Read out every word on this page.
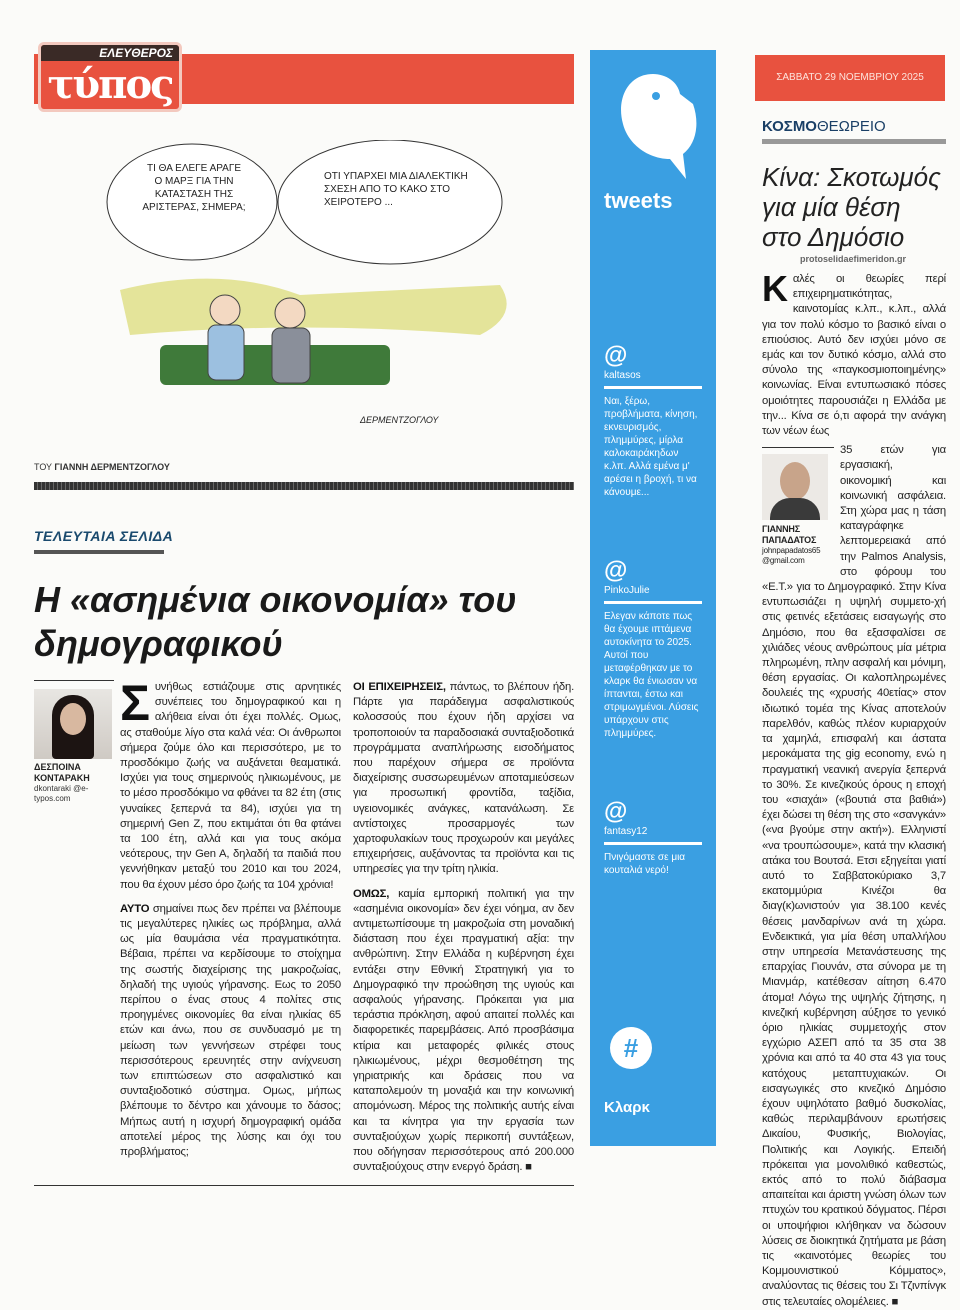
ΕΛΕΥΘΕΡΟΣ
τύπος
ΤΙ ΘΑ ΕΛΕΓΕ ΑΡΑΓΕ Ο ΜΑΡΞ ΓΙΑ ΤΗΝ ΚΑΤΑΣΤΑΣΗ ΤΗΣ ΑΡΙΣΤΕΡΑΣ, ΣΗΜΕΡΑ;
ΟΤΙ ΥΠΑΡΧΕΙ ΜΙΑ ΔΙΑΛΕΚΤΙΚΗ ΣΧΕΣΗ ΑΠΟ ΤΟ ΚΑΚΟ ΣΤΟ ΧΕΙΡΟΤΕΡΟ ...
ΔΕΡΜΕΝΤΖΟΓΛΟΥ
ΤΟΥ ΓΙΑΝΝΗ ΔΕΡΜΕΝΤΖΟΓΛΟΥ
ΤΕΛΕΥΤΑΙΑ ΣΕΛΙΔΑ
Η «ασημένια οικονομία» του δημογραφικού
ΔΕΣΠΟΙΝΑ ΚΟΝΤΑΡΑΚΗ
dkontaraki @e-typos.com

Συνήθως εστιάζουμε στις αρνητικές συνέπειες του δημογραφικού και η αλήθεια είναι ότι έχει πολλές. Ομως, ας σταθούμε λίγο στα καλά νέα: Οι άνθρωποι σήμερα ζούμε όλο και περισσότερο, με το προσδόκιμο ζωής να αυξάνεται θεαματικά. Ισχύει για τους σημερινούς ηλικιωμένους, με το μέσο προσδόκιμο να φθάνει τα 82 έτη (στις γυναίκες ξεπερνά τα 84), ισχύει για τη σημερινή Gen Z, που εκτιμάται ότι θα φτάνει τα 100 έτη, αλλά και για τους ακόμα νεότερους, την Gen A, δηλαδή τα παιδιά που γεννήθηκαν μεταξύ του 2010 και του 2024, που θα έχουν μέσο όρο ζωής τα 104 χρόνια!

ΑΥΤΟ σημαίνει πως δεν πρέπει να βλέπουμε τις μεγαλύτερες ηλικίες ως πρόβλημα, αλλά ως μία θαυμάσια νέα πραγματικότητα. Βέβαια, πρέπει να κερδίσουμε το στοίχημα της σωστής διαχείρισης της μακροζωίας, δηλαδή της υγιούς γήρανσης. Εως το 2050 περίπου ο ένας στους 4 πολίτες στις προηγμένες οικονομίες θα είναι ηλικίας 65 ετών και άνω, που σε συνδυασμό με τη μείωση των γεννήσεων στρέφει τους περισσότερους ερευνητές στην ανίχνευση των επιπτώσεων στο ασφαλιστικό και συνταξιοδοτικό σύστημα. Ομως, μήπως βλέπουμε το δέντρο και χάνουμε το δάσος; Μήπως αυτή η ισχυρή δημογραφική ομάδα αποτελεί μέρος της λύσης και όχι του προβλήματος;

ΟΙ ΕΠΙΧΕΙΡΗΣΕΙΣ, πάντως, το βλέπουν ήδη. Πάρτε για παράδειγμα ασφαλιστικούς κολοσσούς που έχουν ήδη αρχίσει να τροποποιούν τα παραδοσιακά συνταξιοδοτικά προγράμματα αναπλήρωσης εισοδήματος που παρέχουν σήμερα σε προϊόντα διαχείρισης συσσωρευμένων αποταμιεύσεων για προσωπική φροντίδα, ταξίδια, υγειονομικές ανάγκες, κατανάλωση. Σε αντίστοιχες προσαρμογές των χαρτοφυλακίων τους προχωρούν και μεγάλες επιχειρήσεις, αυξάνοντας τα προϊόντα και τις υπηρεσίες για την τρίτη ηλικία.

ΟΜΩΣ, καμία εμπορική πολιτική για την «ασημένια οικονομία» δεν έχει νόημα, αν δεν αντιμετωπίσουμε τη μακροζωία στη μοναδική διάσταση που έχει πραγματική αξία: την ανθρώπινη. Στην Ελλάδα η κυβέρνηση έχει εντάξει στην Εθνική Στρατηγική για το Δημογραφικό την προώθηση της υγιούς και ασφαλούς γήρανσης. Πρόκειται για μια τεράστια πρόκληση, αφού απαιτεί πολλές και διαφορετικές παρεμβάσεις. Από προσβάσιμα κτίρια και μεταφορές φιλικές στους ηλικιωμένους, μέχρι θεσμοθέτηση της γηριατρικής και δράσεις που να καταπολεμούν τη μοναξιά και την κοινωνική απομόνωση. Μέρος της πολιτικής αυτής είναι και τα κίνητρα για την εργασία των συνταξιούχων χωρίς περικοπή συντάξεων, που οδήγησαν περισσότερους από 200.000 συνταξιούχους στην ενεργό δράση. ■

tweets
@
kaltasos
Ναι, ξέρω, προβλήματα, κίνηση, εκνευρισμός, πλημμύρες, μίρλα καλοκαιράκηδων κ.λπ. Αλλά εμένα μ' αρέσει η βροχή, τι να κάνουμε...
@
PinkoJulie
Ελεγαν κάποτε πως θα έχουμε ιπτάμενα αυτοκίνητα το 2025. Αυτοί που μεταφέρθηκαν με το κλαρκ θα ένιωσαν να ίπτανται, έστω και στριμωγμένοι. Λύσεις υπάρχουν στις πλημμύρες.
@
fantasy12
Πνιγόμαστε σε μια κουταλιά νερό!
#
Κλαρκ
ΣΑΒΒΑΤΟ 29 ΝΟΕΜΒΡΙΟΥ 2025
ΚΟΣΜΟΘΕΩΡΕΙΟ
Κίνα: Σκοτωμός για μία θέση στο Δημόσιο
protoselidaefimeridon.gr

Καλές οι θεωρίες περί επιχειρηματικότητας, καινοτομίας κ.λπ., κ.λπ., αλλά για τον πολύ κόσμο το βασικό είναι ο επιούσιος. Αυτό δεν ισχύει μόνο σε εμάς και τον δυτικό κόσμο, αλλά στο σύνολο της «παγκοσμιοποιημένης» κοινωνίας. Είναι εντυπωσιακό πόσες ομοιότητες παρουσιάζει η Ελλάδα με την... Κίνα σε ό,τι αφορά την ανάγκη των νέων έως

ΓΙΑΝΝΗΣ ΠΑΠΑΔΑΤΟΣ
johnpapadatos65 @gmail.com
35 ετών για εργασιακή, οικονομική και κοινωνική ασφάλεια. Στη χώρα μας η τάση καταγράφηκε λεπτομερειακά από την Palmos Analysis, στο φόρουμ του «Ε.Τ.» για το Δημογραφικό. Στην Κίνα εντυπωσιάζει η υψηλή συμμετο-χή στις φετινές εξετάσεις εισαγωγής στο Δημόσιο, που θα εξασφαλίσει σε χιλιάδες νέους ανθρώπους μία μέτρια πληρωμένη, πλην ασφαλή και μόνιμη, θέση εργασίας. Οι καλοπληρωμένες δουλειές της «χρυσής 40ετίας» στον ιδιωτικό τομέα της Κίνας αποτελούν παρελθόν, καθώς πλέον κυριαρχούν τα χαμηλά, επισφαλή και άστατα μεροκάματα της gig economy, ενώ η πραγματική νεανική ανεργία ξεπερνά το 30%. Σε κινεζικούς όρους η εποχή του «σιαχάι» («βουτιά στα βαθιά») έχει δώσει τη θέση της στο «σανγκάν» («να βγούμε στην ακτή»). Ελληνιστί «να τρουπώσουμε», κατά την κλασική ατάκα του Βουτσά. Ετσι εξηγείται γιατί αυτό το Σαββατοκύριακο 3,7 εκατομμύρια Κινέζοι θα διαγ(κ)ωνιστούν για 38.100 κενές θέσεις μανδαρίνων ανά τη χώρα. Ενδεικτικά, για μία θέση υπαλλήλου στην υπηρεσία Μετανάστευσης της επαρχίας Γιουνάν, στα σύνορα με τη Μιανμάρ, κατέθεσαν αίτηση 6.470 άτομα! Λόγω της υψηλής ζήτησης, η κινεζική κυβέρνηση αύξησε το γενικό όριο ηλικίας συμμετοχής στον εγχώριο ΑΣΕΠ από τα 35 στα 38 χρόνια και από τα 40 στα 43 για τους κατόχους μεταπτυχιακών. Οι εισαγωγικές στο κινεζικό Δημόσιο έχουν υψηλότατο βαθμό δυσκολίας, καθώς περιλαμβάνουν ερωτήσεις Δικαίου, Φυσικής, Βιολογίας, Πολιτικής και Λογικής. Επειδή πρόκειται για μονολιθικό καθεστώς, εκτός από το πολύ διάβασμα απαιτείται και άριστη γνώση όλων των πτυχών του κρατικού δόγματος. Πέρσι οι υποψήφιοι κλήθηκαν να δώσουν λύσεις σε διοικητικά ζητήματα με βάση τις «καινοτόμες θεωρίες του Κομμουνιστικού Κόμματος», αναλύοντας τις θέσεις του Σι Τζινπίνγκ στις τελευταίες ολομέλειες. ■
